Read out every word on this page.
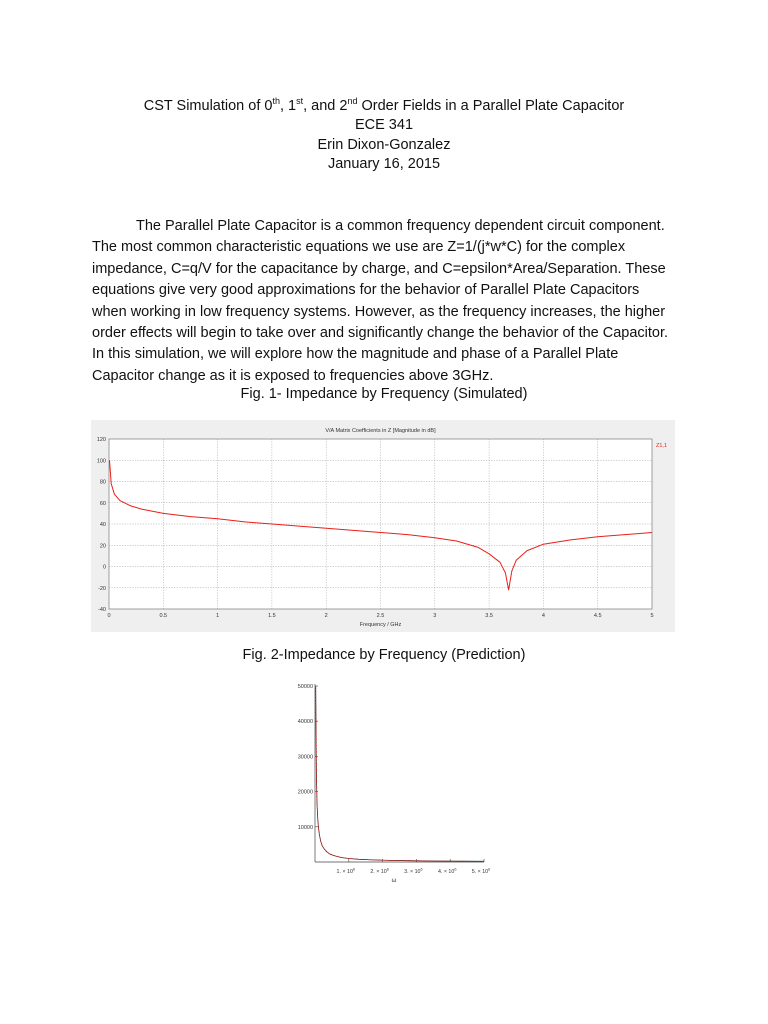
CST Simulation of 0th, 1st, and 2nd Order Fields in a Parallel Plate Capacitor
ECE 341
Erin Dixon-Gonzalez
January 16, 2015
The Parallel Plate Capacitor is a common frequency dependent circuit component. The most common characteristic equations we use are Z=1/(j*w*C) for the complex impedance, C=q/V for the capacitance by charge, and C=epsilon*Area/Separation. These equations give very good approximations for the behavior of Parallel Plate Capacitors when working in low frequency systems. However, as the frequency increases, the higher order effects will begin to take over and significantly change the behavior of the Capacitor. In this simulation, we will explore how the magnitude and phase of a Parallel Plate Capacitor change as it is exposed to frequencies above 3GHz.
Fig. 1- Impedance by Frequency (Simulated)
V/A Matrix Coefficients in Z [Magnitude in dB]
0	0.5	1	1.5	2	2.5	3	3.5	4	4.5	5
120
100
80
60
40
20
0
-20
-40
Frequency / GHz
Z1,1
Fig. 2-Impedance by Frequency (Prediction)
50000
40000
30000
20000
10000
1. × $10^6$	2. × $10^6$	3. × $10^6$	4. × $10^6$	5. × $10^6$
ω
